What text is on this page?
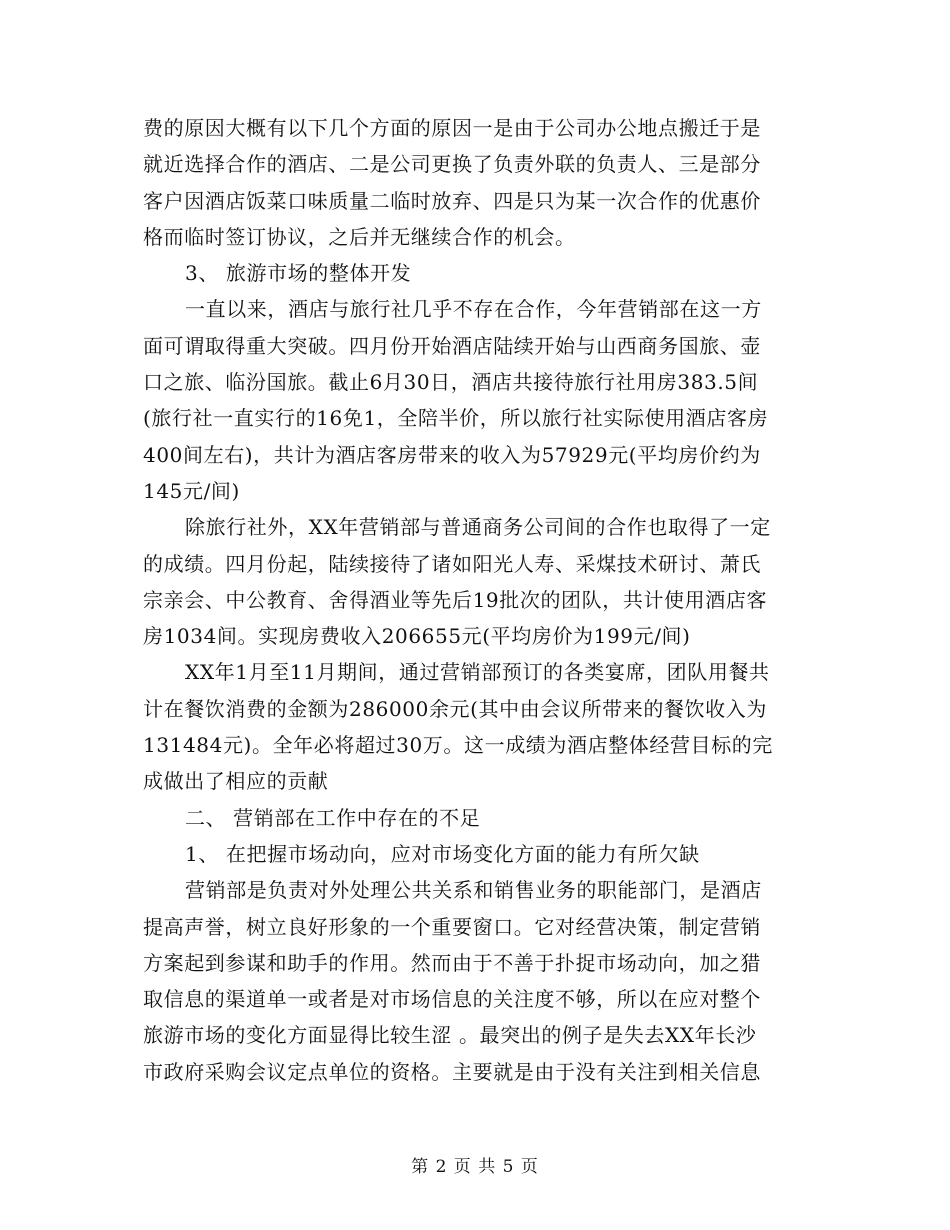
费的原因大概有以下几个方面的原因一是由于公司办公地点搬迁于是
就近选择合作的酒店、二是公司更换了负责外联的负责人、三是部分
客户因酒店饭菜口味质量二临时放弃、四是只为某一次合作的优惠价
格而临时签订协议，之后并无继续合作的机会。
3、 旅游市场的整体开发
一直以来，酒店与旅行社几乎不存在合作，今年营销部在这一方
面可谓取得重大突破。四月份开始酒店陆续开始与山西商务国旅、壶
口之旅、临汾国旅。截止6月30日，酒店共接待旅行社用房383.5间
(旅行社一直实行的16免1，全陪半价，所以旅行社实际使用酒店客房
400间左右)，共计为酒店客房带来的收入为57929元(平均房价约为
145元/间)
除旅行社外，XX年营销部与普通商务公司间的合作也取得了一定
的成绩。四月份起，陆续接待了诸如阳光人寿、采煤技术研讨、萧氏
宗亲会、中公教育、舍得酒业等先后19批次的团队，共计使用酒店客
房1034间。实现房费收入206655元(平均房价为199元/间)
XX年1月至11月期间，通过营销部预订的各类宴席，团队用餐共
计在餐饮消费的金额为286000余元(其中由会议所带来的餐饮收入为
131484元)。全年必将超过30万。这一成绩为酒店整体经营目标的完
成做出了相应的贡献
二、 营销部在工作中存在的不足
1、 在把握市场动向，应对市场变化方面的能力有所欠缺
营销部是负责对外处理公共关系和销售业务的职能部门，是酒店
提高声誉，树立良好形象的一个重要窗口。它对经营决策，制定营销
方案起到参谋和助手的作用。然而由于不善于扑捉市场动向，加之猎
取信息的渠道单一或者是对市场信息的关注度不够，所以在应对整个
旅游市场的变化方面显得比较生涩 。最突出的例子是失去XX年长沙
市政府采购会议定点单位的资格。主要就是由于没有关注到相关信息
第 2 页 共 5 页
